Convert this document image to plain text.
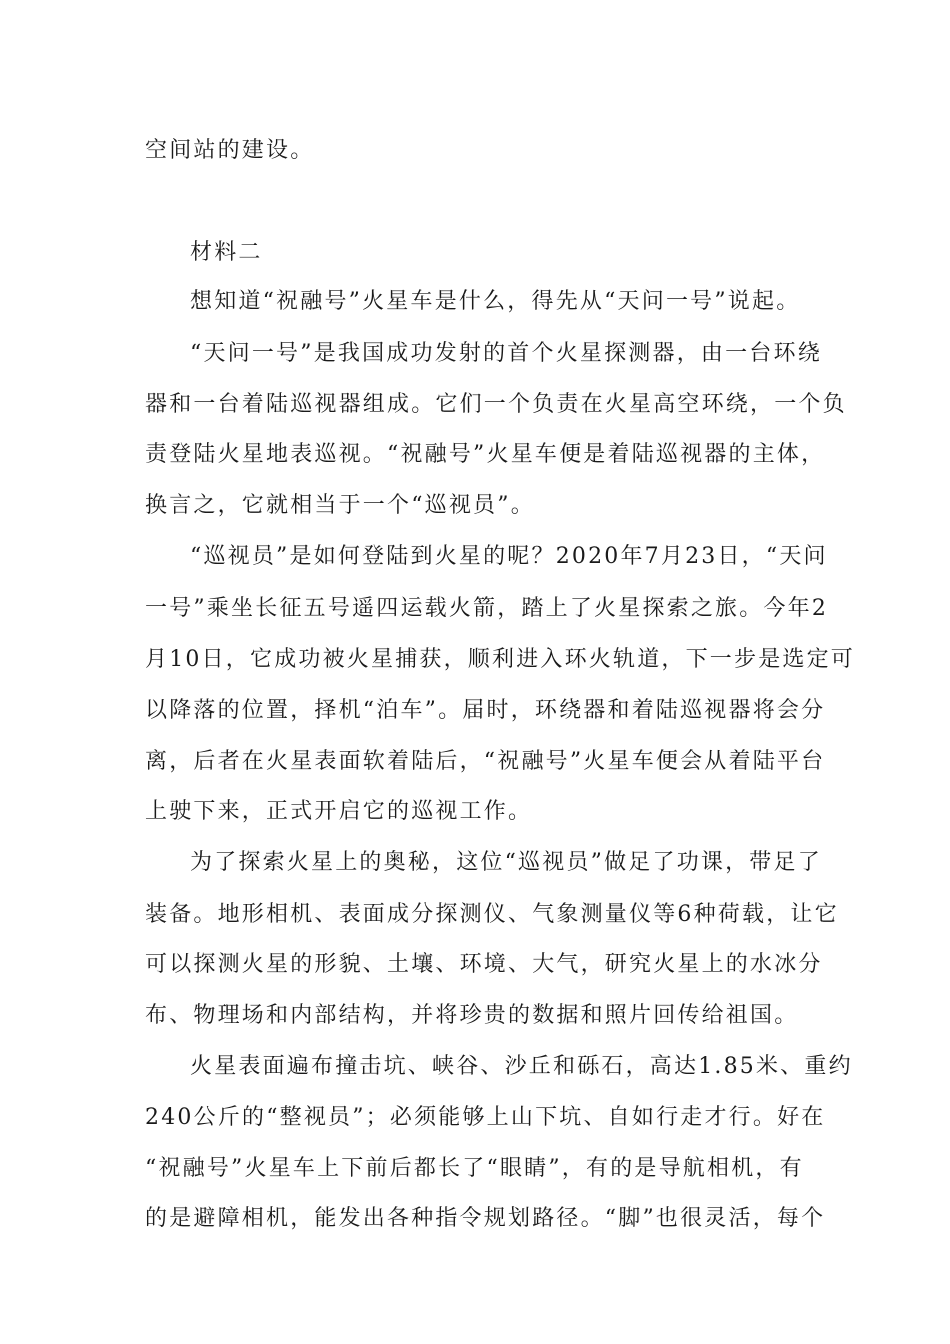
空间站的建设。

材料二

想知道“祝融号”火星车是什么，得先从“天问一号”说起。

“天问一号”是我国成功发射的首个火星探测器，由一台环绕

器和一台着陆巡视器组成。它们一个负责在火星高空环绕，一个负

责登陆火星地表巡视。“祝融号”火星车便是着陆巡视器的主体，

换言之，它就相当于一个“巡视员”。

“巡视员”是如何登陆到火星的呢？2020年7月23日，“天问

一号”乘坐长征五号遥四运载火箭，踏上了火星探索之旅。今年2

月10日，它成功被火星捕获，顺利进入环火轨道，下一步是选定可

以降落的位置，择机“泊车”。届时，环绕器和着陆巡视器将会分

离，后者在火星表面软着陆后，“祝融号”火星车便会从着陆平台

上驶下来，正式开启它的巡视工作。

为了探索火星上的奥秘，这位“巡视员”做足了功课，带足了

装备。地形相机、表面成分探测仪、气象测量仪等6种荷载，让它

可以探测火星的形貌、土壤、环境、大气，研究火星上的水冰分

布、物理场和内部结构，并将珍贵的数据和照片回传给祖国。

火星表面遍布撞击坑、峡谷、沙丘和砾石，高达1.85米、重约

240公斤的“整视员”；必须能够上山下坑、自如行走才行。好在

“祝融号”火星车上下前后都长了“眼睛”，有的是导航相机，有

的是避障相机，能发出各种指令规划路径。“脚”也很灵活，每个
